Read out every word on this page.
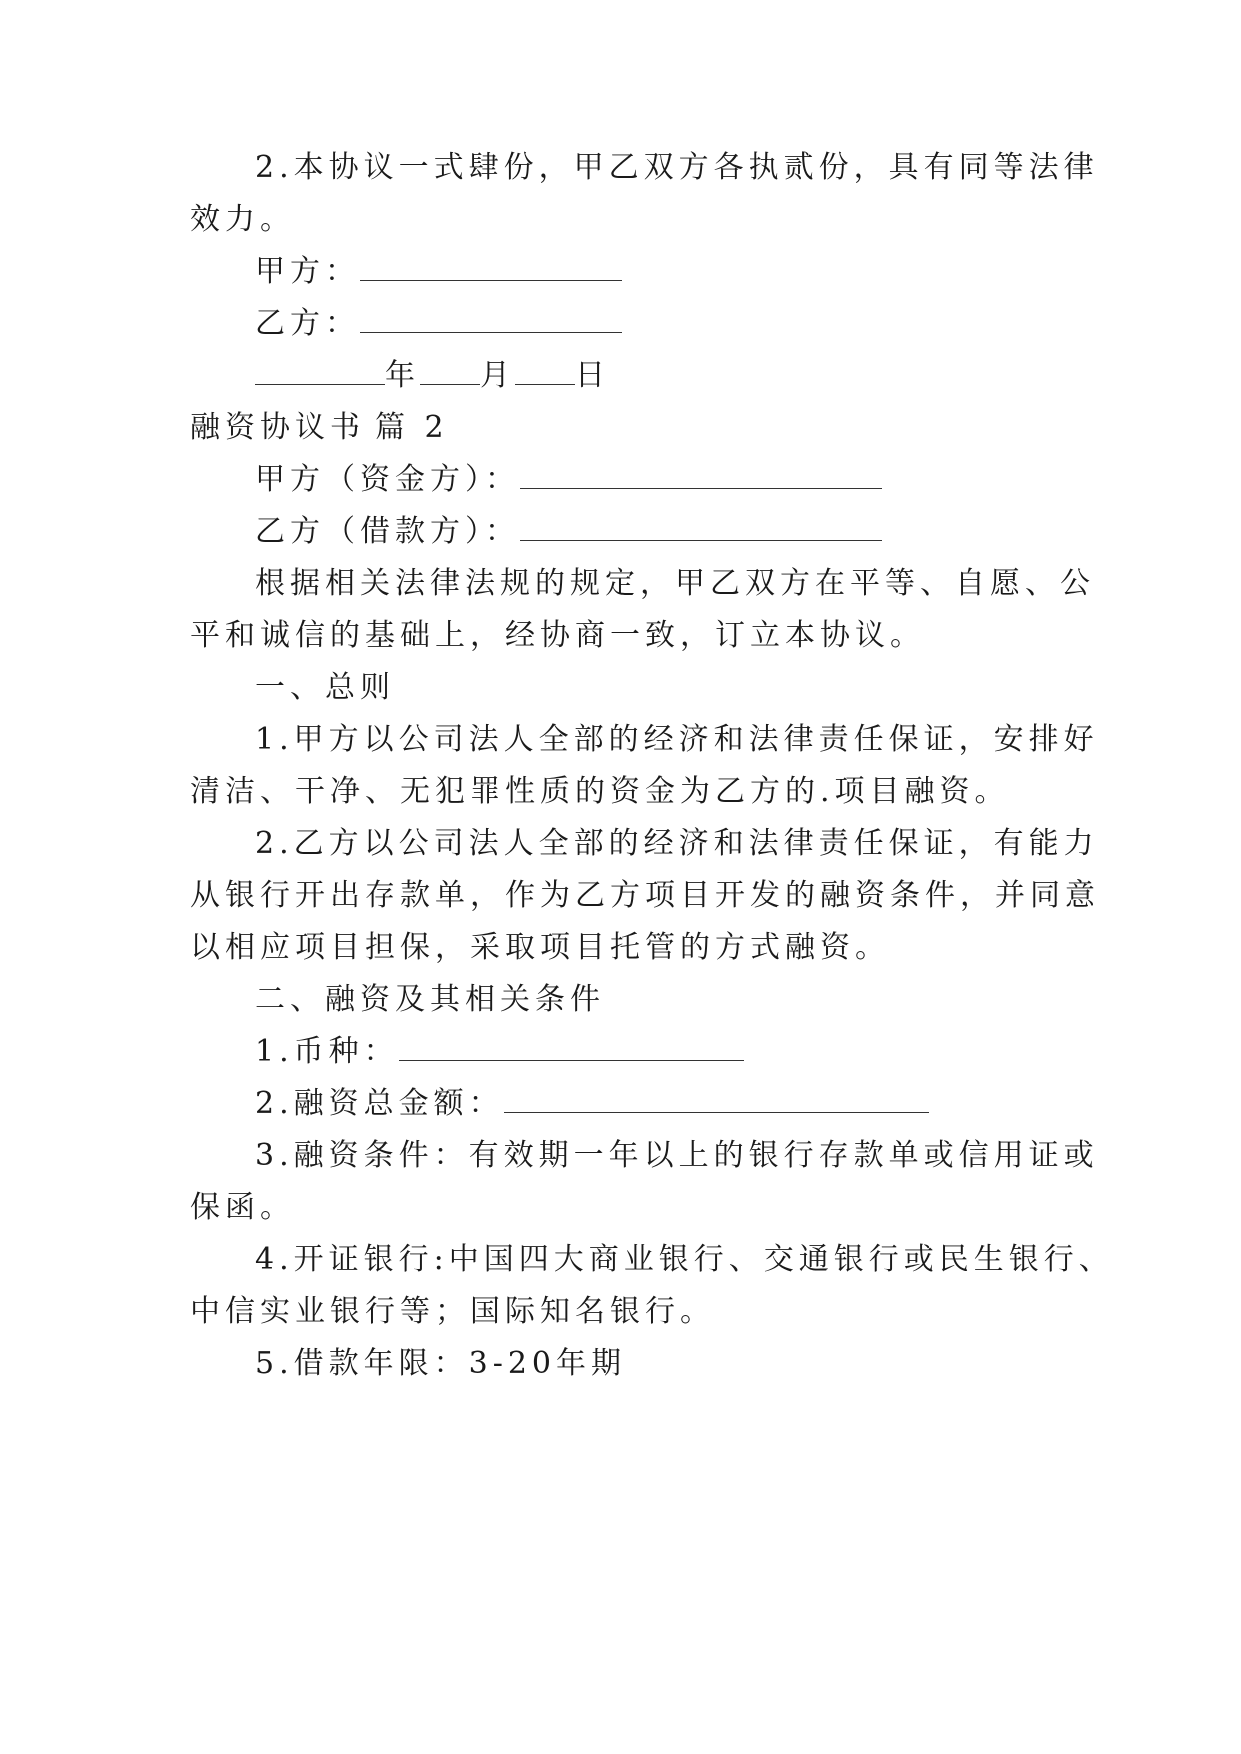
2.本协议一式肆份，甲乙双方各执贰份，具有同等法律
效力。
甲方：
乙方：
年 月 日
融资协议书 篇 2
甲方（资金方）：
乙方（借款方）：
根据相关法律法规的规定，甲乙双方在平等、自愿、公
平和诚信的基础上，经协商一致，订立本协议。
一、总则
1.甲方以公司法人全部的经济和法律责任保证，安排好
清洁、干净、无犯罪性质的资金为乙方的.项目融资。
2.乙方以公司法人全部的经济和法律责任保证，有能力
从银行开出存款单，作为乙方项目开发的融资条件，并同意
以相应项目担保，采取项目托管的方式融资。
二、融资及其相关条件
1.币种：
2.融资总金额：
3.融资条件：有效期一年以上的银行存款单或信用证或
保函。
4.开证银行:中国四大商业银行、交通银行或民生银行、
中信实业银行等；国际知名银行。
5.借款年限：3-20年期
